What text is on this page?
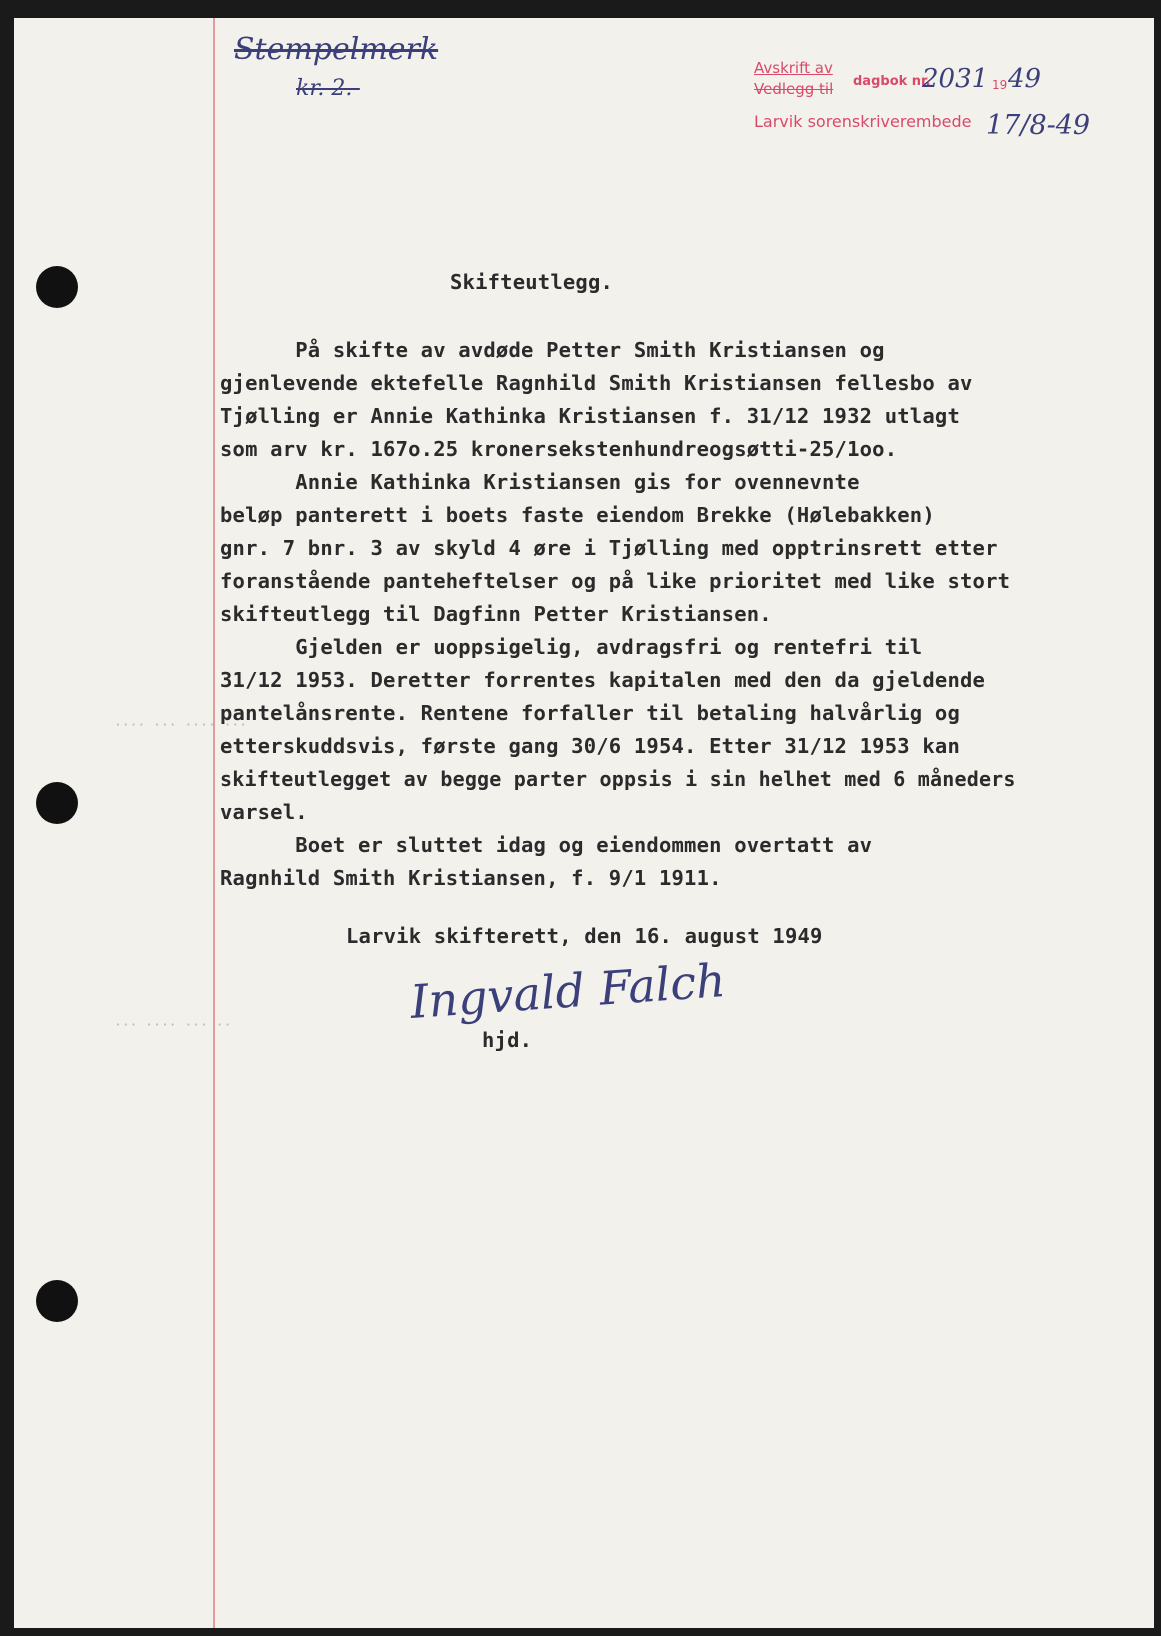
···· ··· ···· ···
··· ···· ··· ··
Stempelmerk
kr. 2.-
Avskrift av
Vedlegg til dagbok nr.
2031 19 49
Larvik sorenskriverembede 17/8-49
Skifteutlegg.
På skifte av avdøde Petter Smith Kristiansen og
gjenlevende ektefelle Ragnhild Smith Kristiansen fellesbo av
Tjølling er Annie Kathinka Kristiansen f. 31/12 1932 utlagt
som arv kr. 167o.25 kronersekstenhundreogsøtti-25/1oo.
Annie Kathinka Kristiansen gis for ovennevnte
beløp panterett i boets faste eiendom Brekke (Hølebakken)
gnr. 7 bnr. 3 av skyld 4 øre i Tjølling med opptrinsrett etter
foranstående panteheftelser og på like prioritet med like stort
skifteutlegg til Dagfinn Petter Kristiansen.
Gjelden er uoppsigelig, avdragsfri og rentefri til
31/12 1953. Deretter forrentes kapitalen med den da gjeldende
pantelånsrente. Rentene forfaller til betaling halvårlig og
etterskuddsvis, første gang 30/6 1954. Etter 31/12 1953 kan
skifteutlegget av begge parter oppsis i sin helhet med 6 måneders
varsel.
Boet er sluttet idag og eiendommen overtatt av
Ragnhild Smith Kristiansen, f. 9/1 1911.
Larvik skifterett, den 16. august 1949
Ingvald Falch
hjd.
